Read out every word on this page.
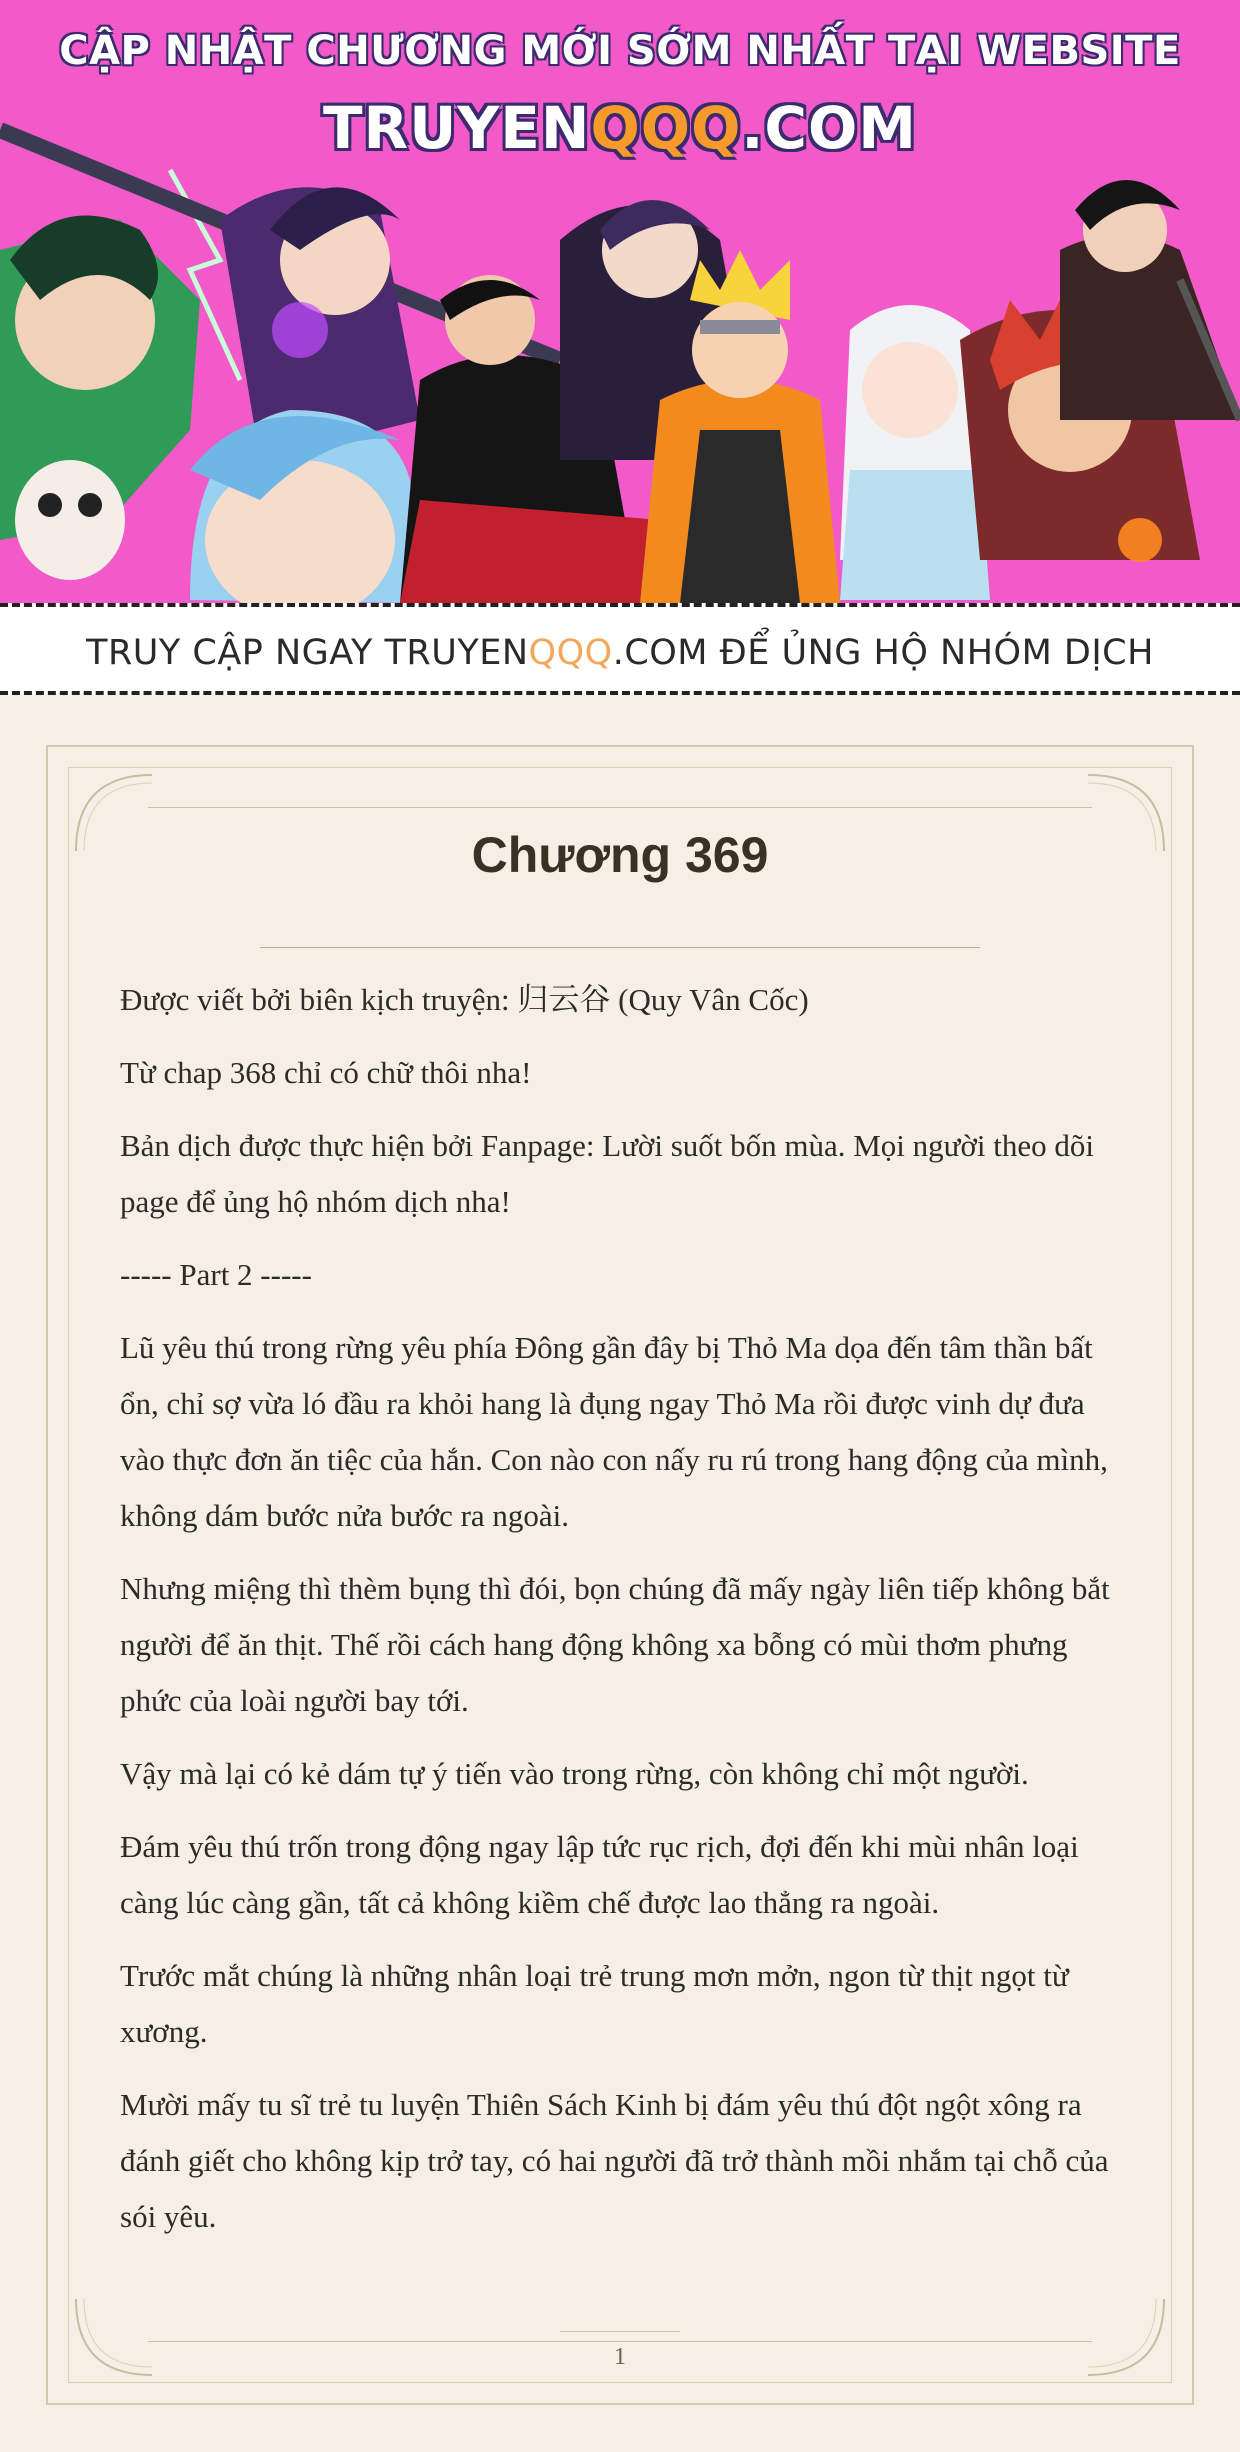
CẬP NHẬT CHƯƠNG MỚI SỚM NHẤT TẠI WEBSITE
TRUYENQQQ.COM
TRUY CẬP NGAY TRUYENQQQ.COM ĐỂ ỦNG HỘ NHÓM DỊCH
Chương 369

Được viết bởi biên kịch truyện: 归云谷 (Quy Vân Cốc)

Từ chap 368 chỉ có chữ thôi nha!

Bản dịch được thực hiện bởi Fanpage: Lười suốt bốn mùa. Mọi người theo dõi page để ủng hộ nhóm dịch nha!

----- Part 2 -----

Lũ yêu thú trong rừng yêu phía Đông gần đây bị Thỏ Ma dọa đến tâm thần bất ổn, chỉ sợ vừa ló đầu ra khỏi hang là đụng ngay Thỏ Ma rồi được vinh dự đưa vào thực đơn ăn tiệc của hắn. Con nào con nấy ru rú trong hang động của mình, không dám bước nửa bước ra ngoài.

Nhưng miệng thì thèm bụng thì đói, bọn chúng đã mấy ngày liên tiếp không bắt người để ăn thịt. Thế rồi cách hang động không xa bỗng có mùi thơm phưng phức của loài người bay tới.

Vậy mà lại có kẻ dám tự ý tiến vào trong rừng, còn không chỉ một người.

Đám yêu thú trốn trong động ngay lập tức rục rịch, đợi đến khi mùi nhân loại càng lúc càng gần, tất cả không kiềm chế được lao thẳng ra ngoài.

Trước mắt chúng là những nhân loại trẻ trung mơn mởn, ngon từ thịt ngọt từ xương.

Mười mấy tu sĩ trẻ tu luyện Thiên Sách Kinh bị đám yêu thú đột ngột xông ra đánh giết cho không kịp trở tay, có hai người đã trở thành mồi nhắm tại chỗ của sói yêu.

1
